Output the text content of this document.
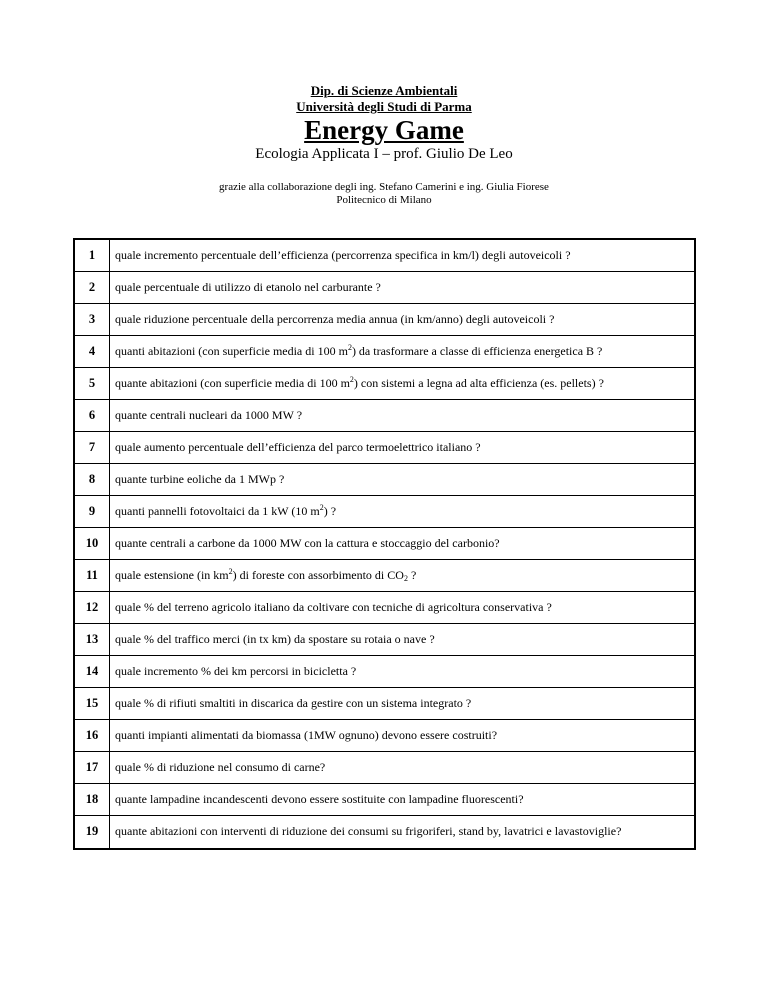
Dip. di Scienze Ambientali
Università degli Studi di Parma
Energy Game
Ecologia Applicata I – prof. Giulio De Leo
grazie alla collaborazione degli ing. Stefano Camerini e ing. Giulia Fiorese
Politecnico di Milano
1	quale incremento percentuale dell’efficienza (percorrenza specifica in km/l) degli autoveicoli ?
2	quale percentuale di utilizzo di etanolo nel carburante ?
3	quale riduzione percentuale della percorrenza media annua (in km/anno) degli autoveicoli ?
4	quanti abitazioni (con superficie media di 100 $m^2$) da trasformare a classe di efficienza energetica B ?
5	quante abitazioni (con superficie media di 100 $m^2$) con sistemi a legna ad alta efficienza (es. pellets) ?
6	quante centrali nucleari da 1000 MW ?
7	quale aumento percentuale dell’efficienza del parco termoelettrico italiano ?
8	quante turbine eoliche da 1 MWp ?
9	quanti pannelli fotovoltaici da 1 kW (10 $m^2$) ?
10	quante centrali a carbone da 1000 MW con la cattura e stoccaggio del carbonio?
11	quale estensione (in $km^2$) di foreste con assorbimento di $CO_2$ ?
12	quale % del terreno agricolo italiano da coltivare con tecniche di agricoltura conservativa ?
13	quale % del traffico merci (in tx km) da spostare su rotaia o nave ?
14	quale incremento % dei km percorsi in bicicletta ?
15	quale % di rifiuti smaltiti in discarica da gestire con un sistema integrato ?
16	quanti impianti alimentati da biomassa (1MW ognuno) devono essere costruiti?
17	quale % di riduzione nel consumo di carne?
18	quante lampadine incandescenti devono essere sostituite con lampadine fluorescenti?
19	quante abitazioni con interventi di riduzione dei consumi su frigoriferi, stand by, lavatrici e lavastoviglie?
